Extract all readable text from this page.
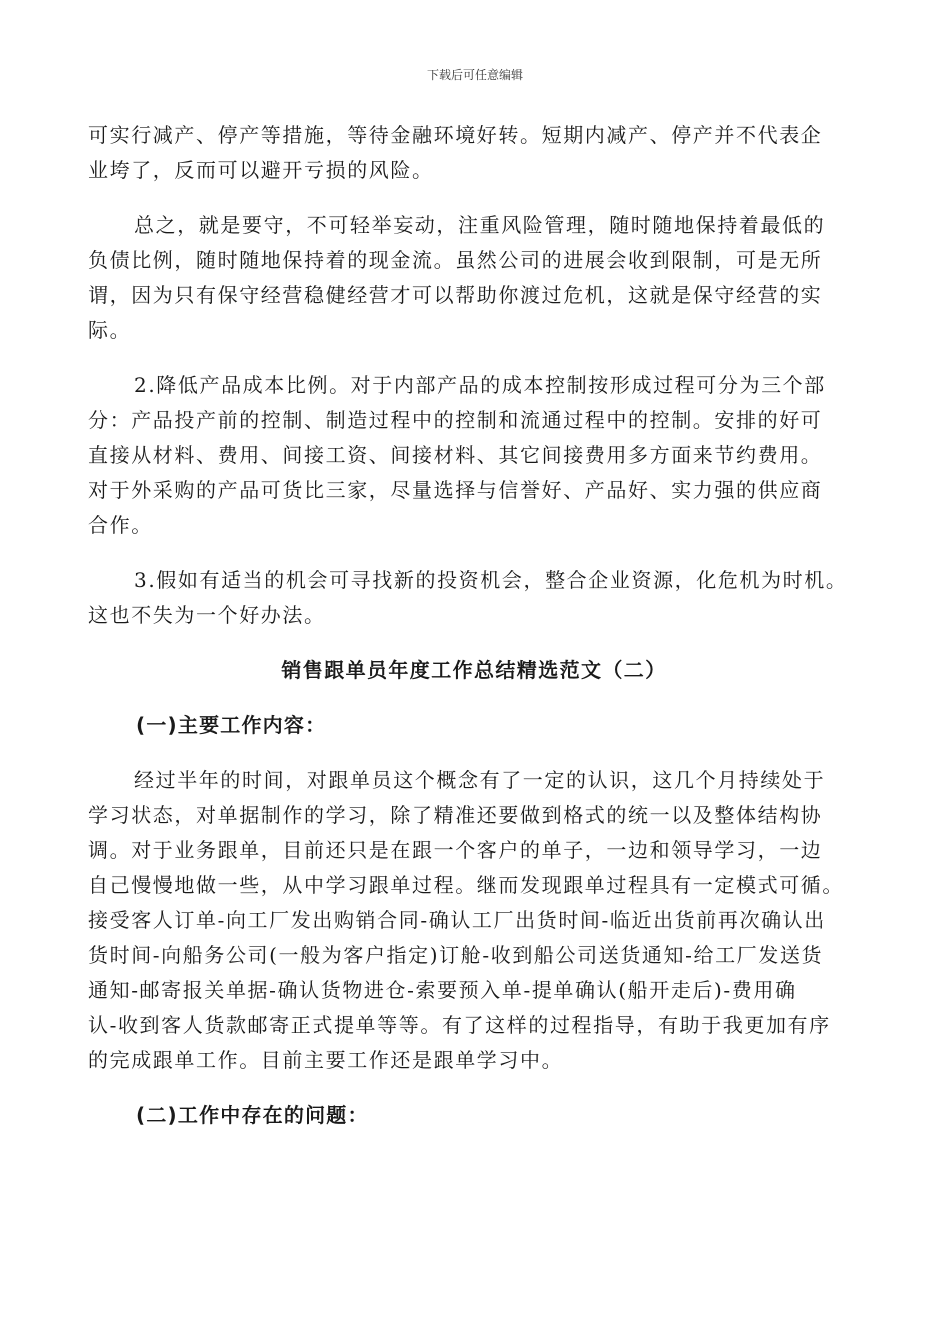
下载后可任意编辑
可实行减产、停产等措施，等待金融环境好转。短期内减产、停产并不代表企
业垮了，反而可以避开亏损的风险。
总之，就是要守，不可轻举妄动，注重风险管理，随时随地保持着最低的
负债比例，随时随地保持着的现金流。虽然公司的进展会收到限制，可是无所
谓，因为只有保守经营稳健经营才可以帮助你渡过危机，这就是保守经营的实
际。
2.降低产品成本比例。对于内部产品的成本控制按形成过程可分为三个部
分：产品投产前的控制、制造过程中的控制和流通过程中的控制。安排的好可
直接从材料、费用、间接工资、间接材料、其它间接费用多方面来节约费用。
对于外采购的产品可货比三家，尽量选择与信誉好、产品好、实力强的供应商
合作。
3.假如有适当的机会可寻找新的投资机会，整合企业资源，化危机为时机。
这也不失为一个好办法。
销售跟单员年度工作总结精选范文（二）
(一)主要工作内容：
经过半年的时间，对跟单员这个概念有了一定的认识，这几个月持续处于
学习状态，对单据制作的学习，除了精准还要做到格式的统一以及整体结构协
调。对于业务跟单，目前还只是在跟一个客户的单子，一边和领导学习，一边
自己慢慢地做一些，从中学习跟单过程。继而发现跟单过程具有一定模式可循。
接受客人订单-向工厂发出购销合同-确认工厂出货时间-临近出货前再次确认出
货时间-向船务公司(一般为客户指定)订舱-收到船公司送货通知-给工厂发送货
通知-邮寄报关单据-确认货物进仓-索要预入单-提单确认(船开走后)-费用确
认-收到客人货款邮寄正式提单等等。有了这样的过程指导，有助于我更加有序
的完成跟单工作。目前主要工作还是跟单学习中。
(二)工作中存在的问题：
